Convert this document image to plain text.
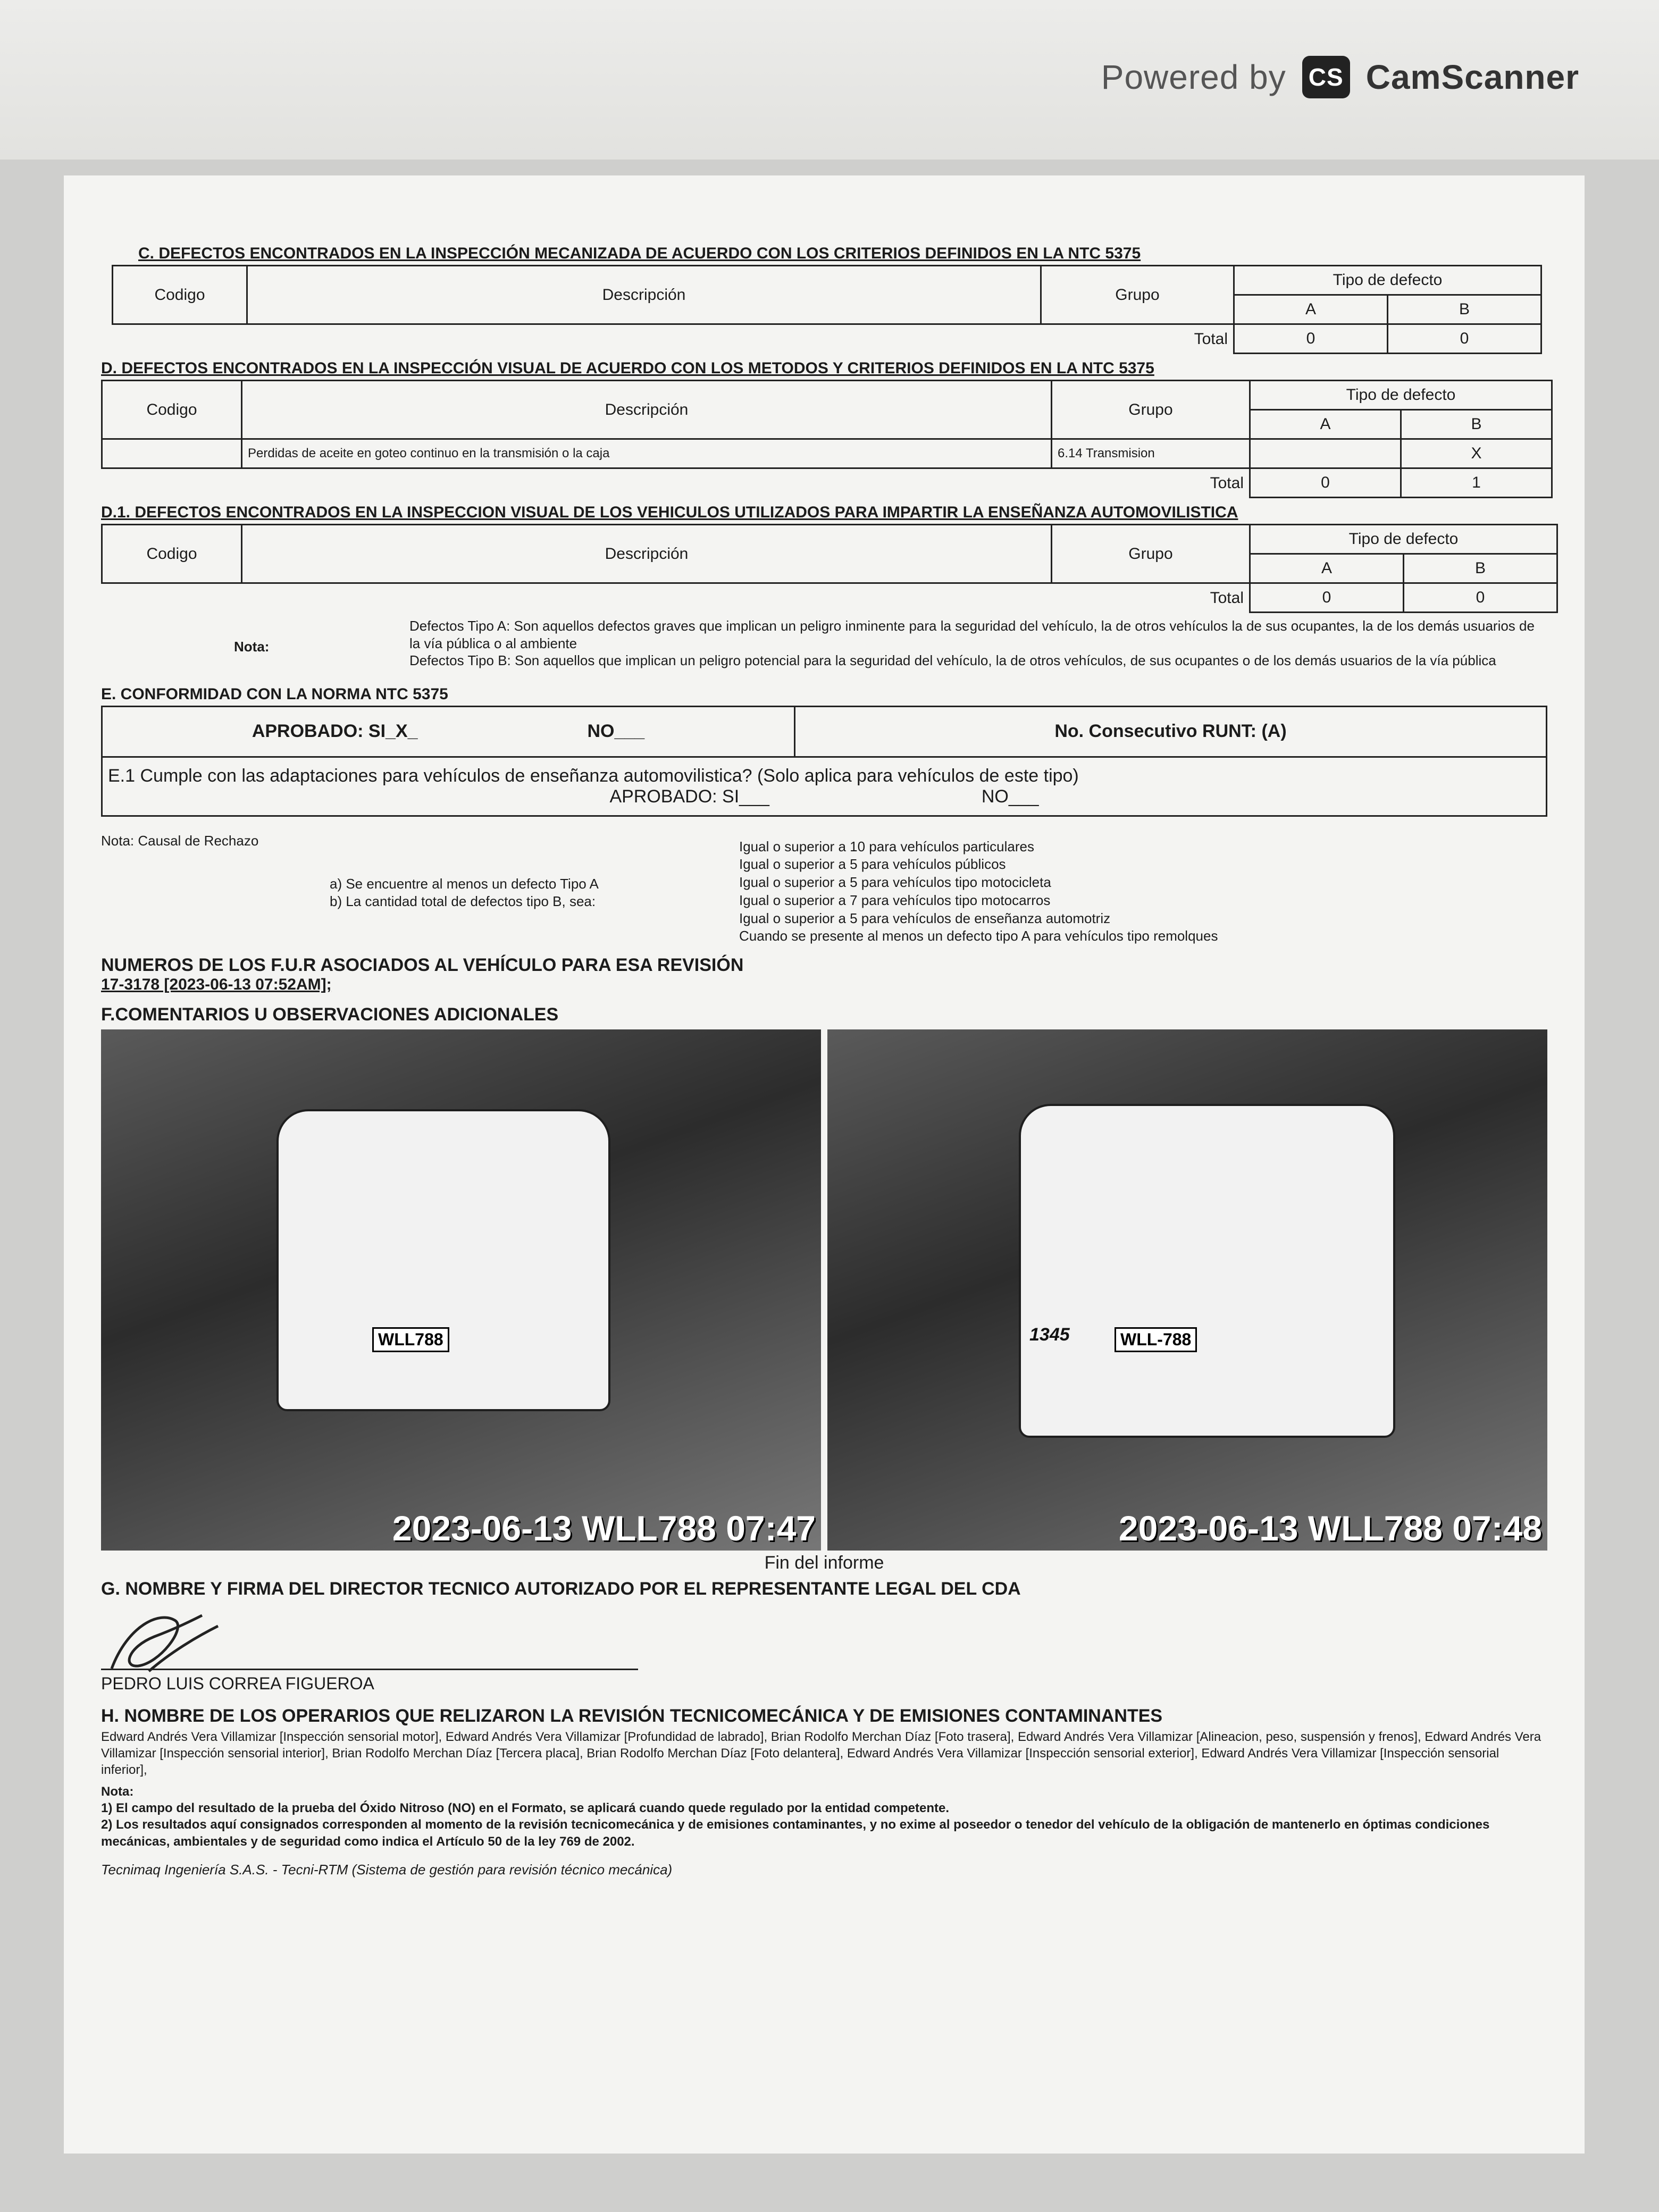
Powered by CS CamScanner
C. DEFECTOS ENCONTRADOS EN LA INSPECCIÓN MECANIZADA DE ACUERDO CON LOS CRITERIOS DEFINIDOS EN LA NTC 5375
Codigo	Descripción	Grupo	Tipo de defecto	
			A	B
Total			0	0
D. DEFECTOS ENCONTRADOS EN LA INSPECCIÓN VISUAL DE ACUERDO CON LOS METODOS Y CRITERIOS DEFINIDOS EN LA NTC 5375
Codigo	Descripción	Grupo	Tipo de defecto	
			A	B
	Perdidas de aceite en goteo continuo en la transmisión o la caja	6.14 Transmision		X
Total			0	1
D.1. DEFECTOS ENCONTRADOS EN LA INSPECCION VISUAL DE LOS VEHICULOS UTILIZADOS PARA IMPARTIR LA ENSEÑANZA AUTOMOVILISTICA
Codigo	Descripción	Grupo	Tipo de defecto	
			A	B
Total			0	0
Nota:
Defectos Tipo A: Son aquellos defectos graves que implican un peligro inminente para la seguridad del vehículo, la de otros vehículos la de sus ocupantes, la de los demás usuarios de la vía pública o al ambiente
Defectos Tipo B: Son aquellos que implican un peligro potencial para la seguridad del vehículo, la de otros vehículos, de sus ocupantes o de los demás usuarios de la vía pública
E. CONFORMIDAD CON LA NORMA NTC 5375
APROBADO: SI_X_	NO___	No. Consecutivo RUNT: (A)

E.1 Cumple con las adaptaciones para vehículos de enseñanza automovilistica? (Solo aplica para vehículos de este tipo)
APROBADO: SI___	NO___
Nota: Causal de Rechazo
a) Se encuentre al menos un defecto Tipo A
b) La cantidad total de defectos tipo B, sea:
Igual o superior a 10 para vehículos particulares
Igual o superior a 5 para vehículos públicos
Igual o superior a 5 para vehículos tipo motocicleta
Igual o superior a 7 para vehículos tipo motocarros
Igual o superior a 5 para vehículos de enseñanza automotriz
Cuando se presente al menos un defecto tipo A para vehículos tipo remolques
NUMEROS DE LOS F.U.R ASOCIADOS AL VEHÍCULO PARA ESA REVISIÓN
17-3178 [2023-06-13 07:52AM];
F.COMENTARIOS U OBSERVACIONES ADICIONALES
WLL788
2023-06-13 WLL788 07:47
WLL-788
1345
2023-06-13 WLL788 07:48
Fin del informe
G. NOMBRE Y FIRMA DEL DIRECTOR TECNICO AUTORIZADO POR EL REPRESENTANTE LEGAL DEL CDA
PEDRO LUIS CORREA FIGUEROA
H. NOMBRE DE LOS OPERARIOS QUE RELIZARON LA REVISIÓN TECNICOMECÁNICA Y DE EMISIONES CONTAMINANTES
Edward Andrés Vera Villamizar [Inspección sensorial motor], Edward Andrés Vera Villamizar [Profundidad de labrado], Brian Rodolfo Merchan Díaz [Foto trasera], Edward Andrés Vera Villamizar [Alineacion, peso, suspensión y frenos], Edward Andrés Vera Villamizar [Inspección sensorial interior], Brian Rodolfo Merchan Díaz [Tercera placa], Brian Rodolfo Merchan Díaz [Foto delantera], Edward Andrés Vera Villamizar [Inspección sensorial exterior], Edward Andrés Vera Villamizar [Inspección sensorial inferior],
Nota:
1) El campo del resultado de la prueba del Óxido Nitroso (NO) en el Formato, se aplicará cuando quede regulado por la entidad competente.
2) Los resultados aquí consignados corresponden al momento de la revisión tecnicomecánica y de emisiones contaminantes, y no exime al poseedor o tenedor del vehículo de la obligación de mantenerlo en óptimas condiciones mecánicas, ambientales y de seguridad como indica el Artículo 50 de la ley 769 de 2002.
Tecnimaq Ingeniería S.A.S. - Tecni-RTM (Sistema de gestión para revisión técnico mecánica)
